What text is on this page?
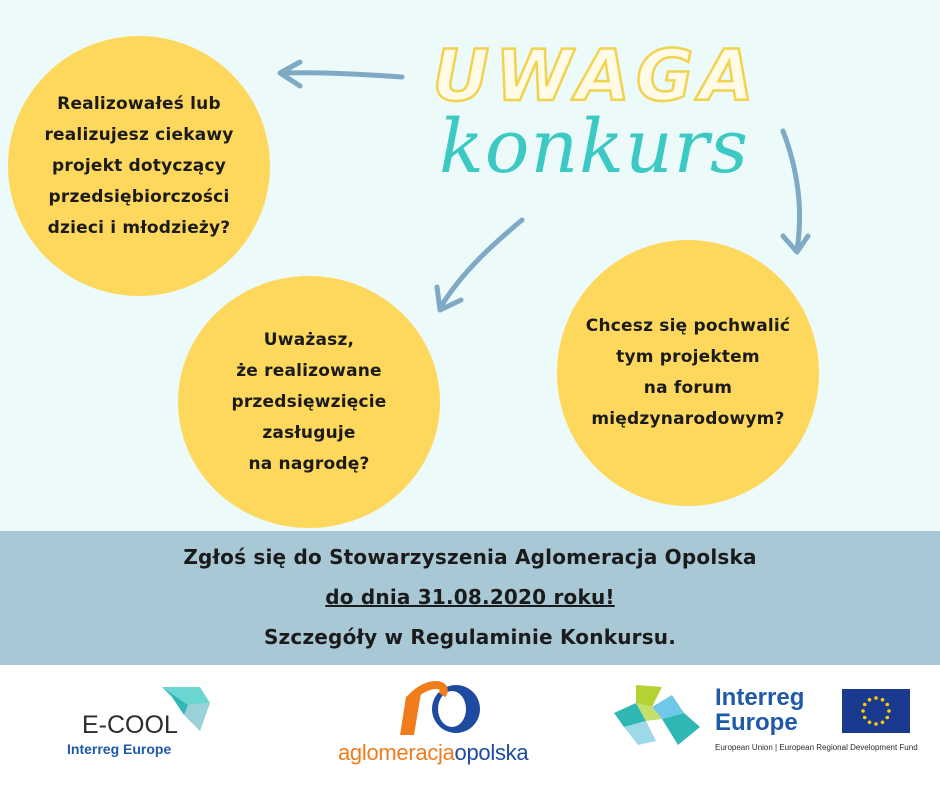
Realizowałeś lub
realizujesz ciekawy
projekt dotyczący
przedsiębiorczości
dzieci i młodzieży?
Uważasz,
że realizowane
przedsięwzięcie
zasługuje
na nagrodę?
Chcesz się pochwalić
tym projektem
na forum
międzynarodowym?
UWAGA
konkurs
Zgłoś się do Stowarzyszenia Aglomeracja Opolska
do dnia 31.08.2020 roku!
Szczegóły w Regulaminie Konkursu.
E-COOL
Interreg Europe	aglomeracjaopolska
Interreg
Europe
European Union | European Regional Development Fund
